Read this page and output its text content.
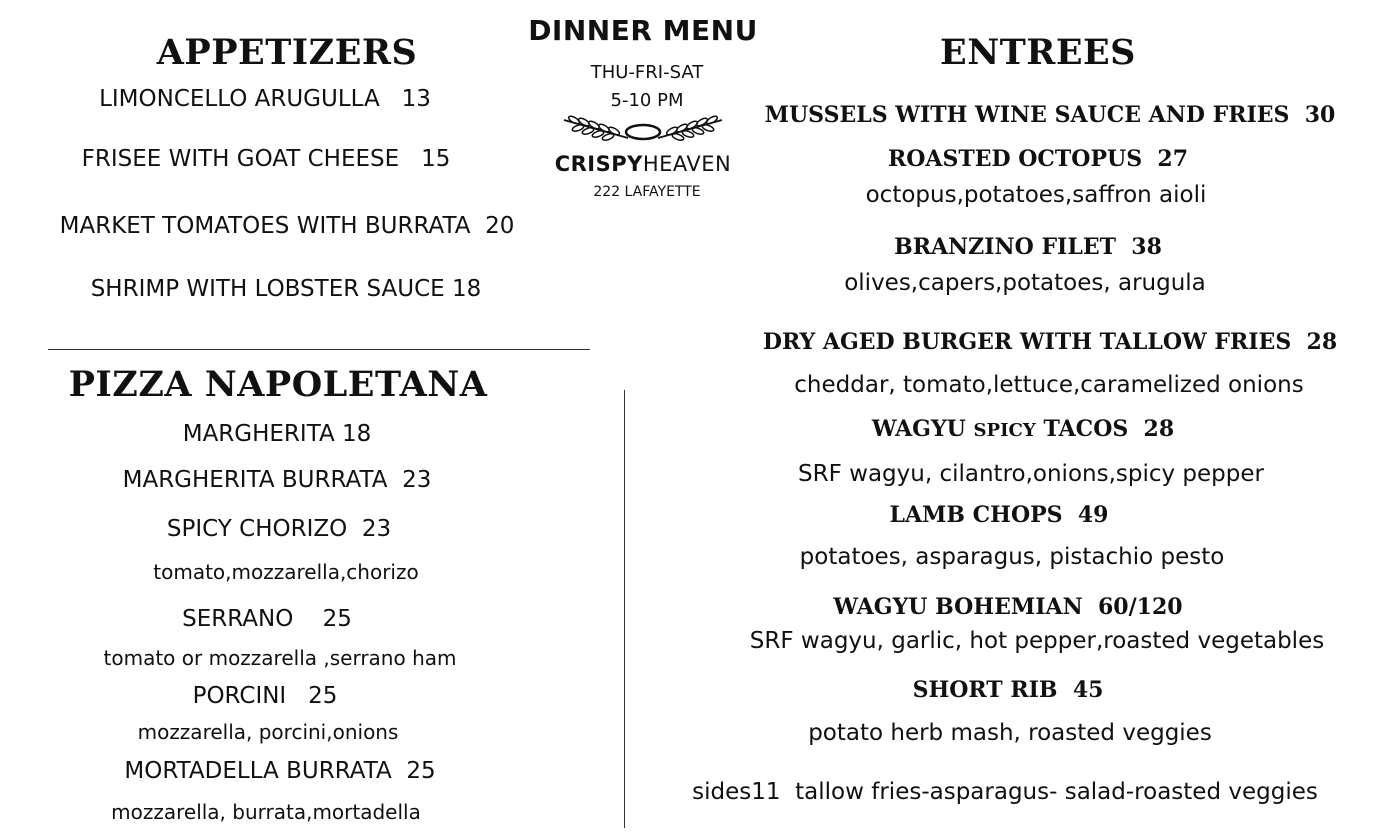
DINNER MENU
THU-FRI-SAT
5-10 PM
CRISPYHEAVEN
222 LAFAYETTE
APPETIZERS
LIMONCELLO ARUGULLA   13
FRISEE WITH GOAT CHEESE   15
MARKET TOMATOES WITH BURRATA  20
SHRIMP WITH LOBSTER SAUCE 18
PIZZA NAPOLETANA
MARGHERITA 18
MARGHERITA BURRATA  23
SPICY CHORIZO  23
tomato,mozzarella,chorizo
SERRANO    25
tomato or mozzarella ,serrano ham
PORCINI   25
mozzarella, porcini,onions
MORTADELLA BURRATA  25
mozzarella, burrata,mortadella
ENTREES
MUSSELS WITH WINE SAUCE AND FRIES  30
ROASTED OCTOPUS  27
octopus,potatoes,saffron aioli
BRANZINO FILET  38
olives,capers,potatoes, arugula
DRY AGED BURGER WITH TALLOW FRIES  28
cheddar, tomato,lettuce,caramelized onions
WAGYU SPICY TACOS  28
SRF wagyu, cilantro,onions,spicy pepper
LAMB CHOPS  49
potatoes, asparagus, pistachio pesto
WAGYU BOHEMIAN  60/120
SRF wagyu, garlic, hot pepper,roasted vegetables
SHORT RIB  45
potato herb mash, roasted veggies
sides11  tallow fries-asparagus- salad-roasted veggies
